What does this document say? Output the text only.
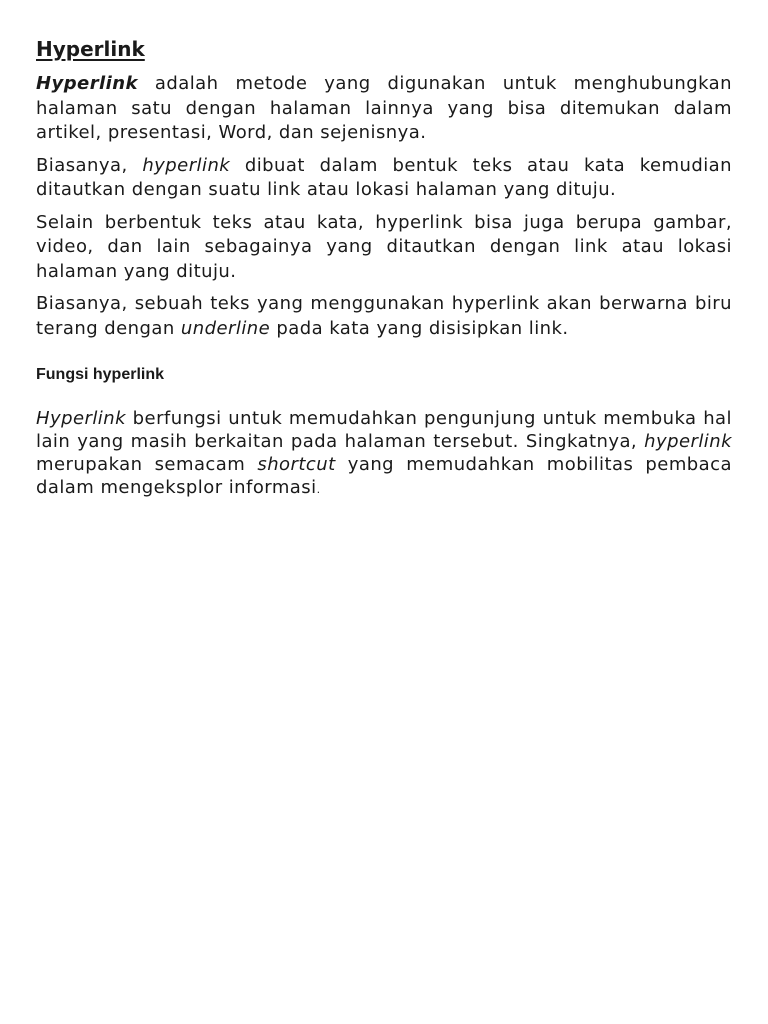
Hyperlink

Hyperlink adalah metode yang digunakan untuk menghubungkan halaman satu dengan halaman lainnya yang bisa ditemukan dalam artikel, presentasi, Word, dan sejenisnya.

Biasanya, hyperlink dibuat dalam bentuk teks atau kata kemudian ditautkan dengan suatu link atau lokasi halaman yang dituju.

Selain berbentuk teks atau kata, hyperlink bisa juga berupa gambar, video, dan lain sebagainya yang ditautkan dengan link atau lokasi halaman yang dituju.

Biasanya, sebuah teks yang menggunakan hyperlink akan berwarna biru terang dengan underline pada kata yang disisipkan link.

Fungsi hyperlink

Hyperlink berfungsi untuk memudahkan pengunjung untuk membuka hal lain yang masih berkaitan pada halaman tersebut. Singkatnya, hyperlink merupakan semacam shortcut yang memudahkan mobilitas pembaca dalam mengeksplor informasi.
